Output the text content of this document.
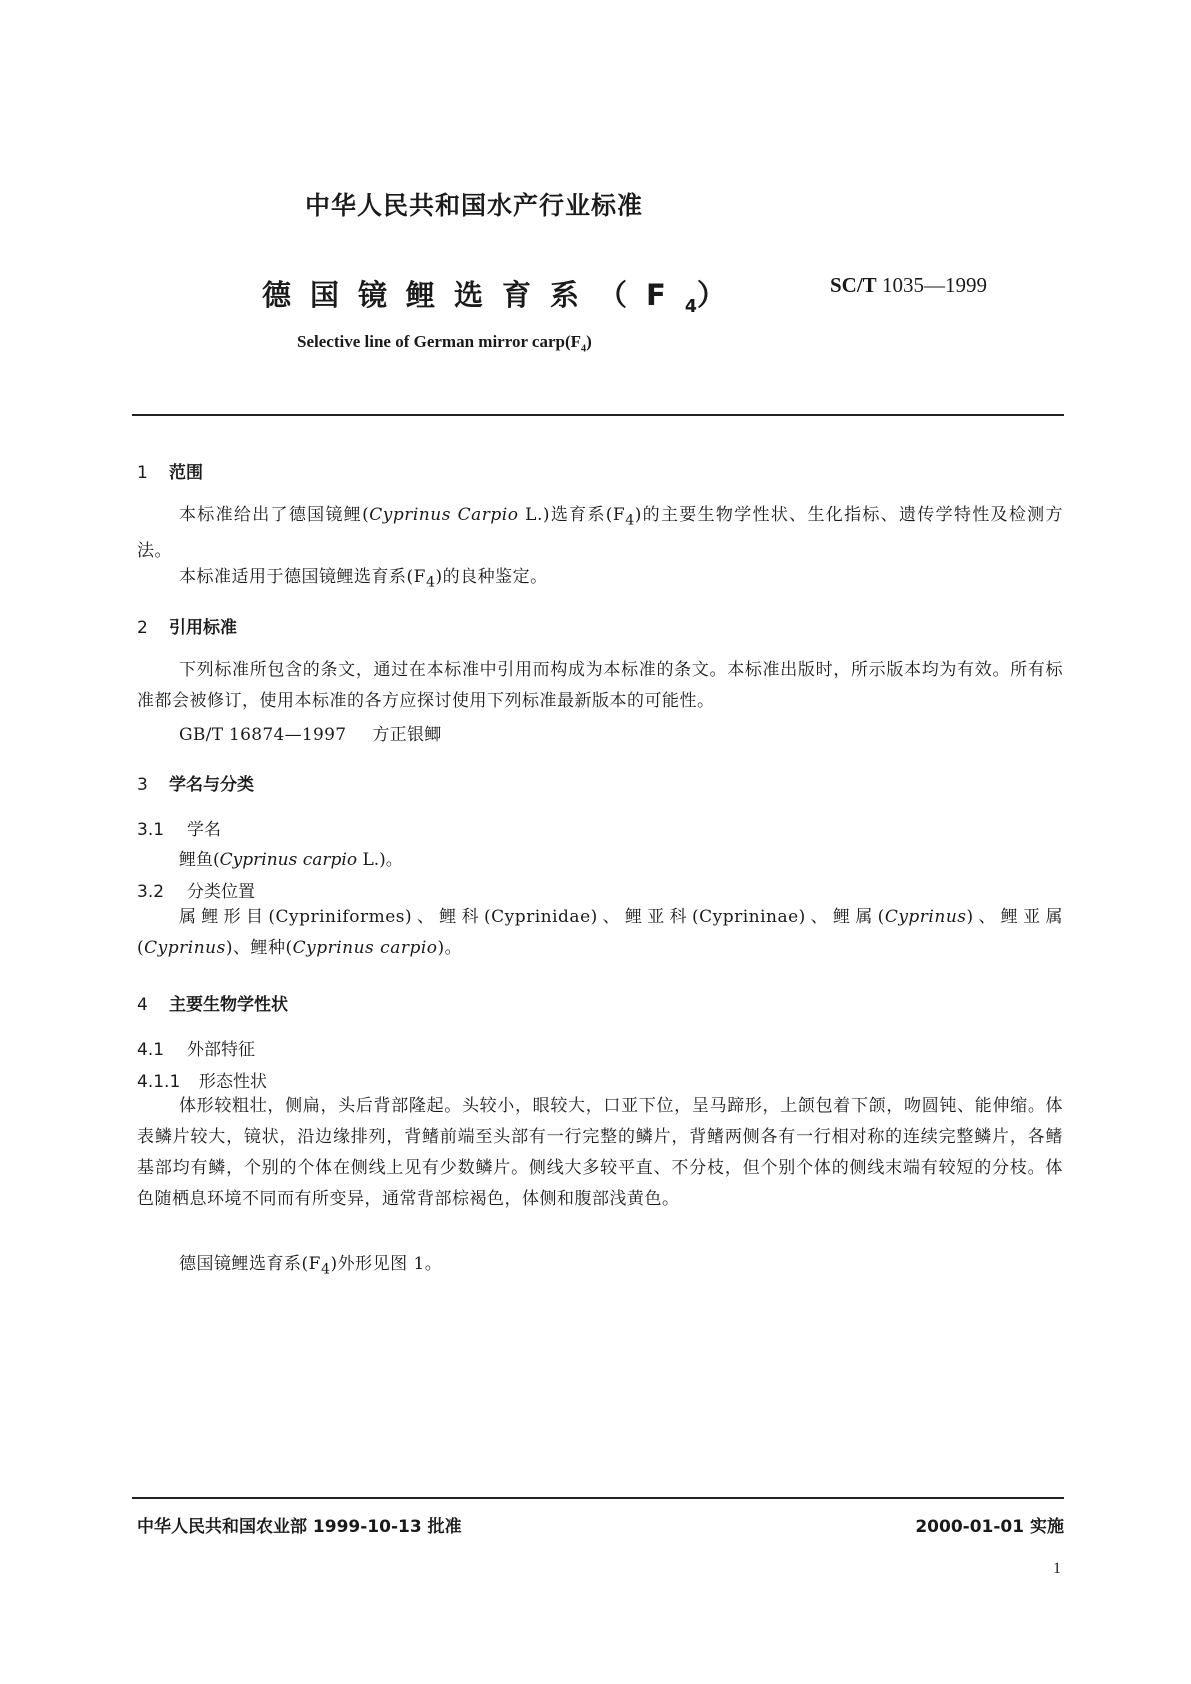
中华人民共和国水产行业标准
德国镜鲤选育系$(F_4)$	SC/T 1035—1999
Selective line of German mirror $carp(F_4)$
1 范围
本标准给出了德国镜鲤(Cyprinus Carpio L.)选育系$(F_4)$的主要生物学性状、生化指标、遗传学特性及检测方法。
本标准适用于德国镜鲤选育系$(F_4)$的良种鉴定。
2 引用标准
下列标准所包含的条文，通过在本标准中引用而构成为本标准的条文。本标准出版时，所示版本均为有效。所有标准都会被修订，使用本标准的各方应探讨使用下列标准最新版本的可能性。
GB/T 16874—1997 方正银鲫
3 学名与分类
3.1 学名
鲤鱼(Cyprinus carpio L.)。
3.2 分类位置
属鲤形目(Cypriniformes)、鲤科(Cyprinidae)、鲤亚科(Cyprininae)、鲤属(Cyprinus)、鲤亚属(Cyprinus)、鲤种(Cyprinus carpio)。
4 主要生物学性状
4.1 外部特征
4.1.1 形态性状
体形较粗壮，侧扁，头后背部隆起。头较小，眼较大，口亚下位，呈马蹄形，上颌包着下颌，吻圆钝、能伸缩。体表鳞片较大，镜状，沿边缘排列，背鳍前端至头部有一行完整的鳞片，背鳍两侧各有一行相对称的连续完整鳞片，各鳍基部均有鳞，个别的个体在侧线上见有少数鳞片。侧线大多较平直、不分枝，但个别个体的侧线末端有较短的分枝。体色随栖息环境不同而有所变异，通常背部棕褐色，体侧和腹部浅黄色。
德国镜鲤选育系$(F_4)$外形见图 1。
中华人民共和国农业部 1999-10-13 批准	2000-01-01 实施
1
